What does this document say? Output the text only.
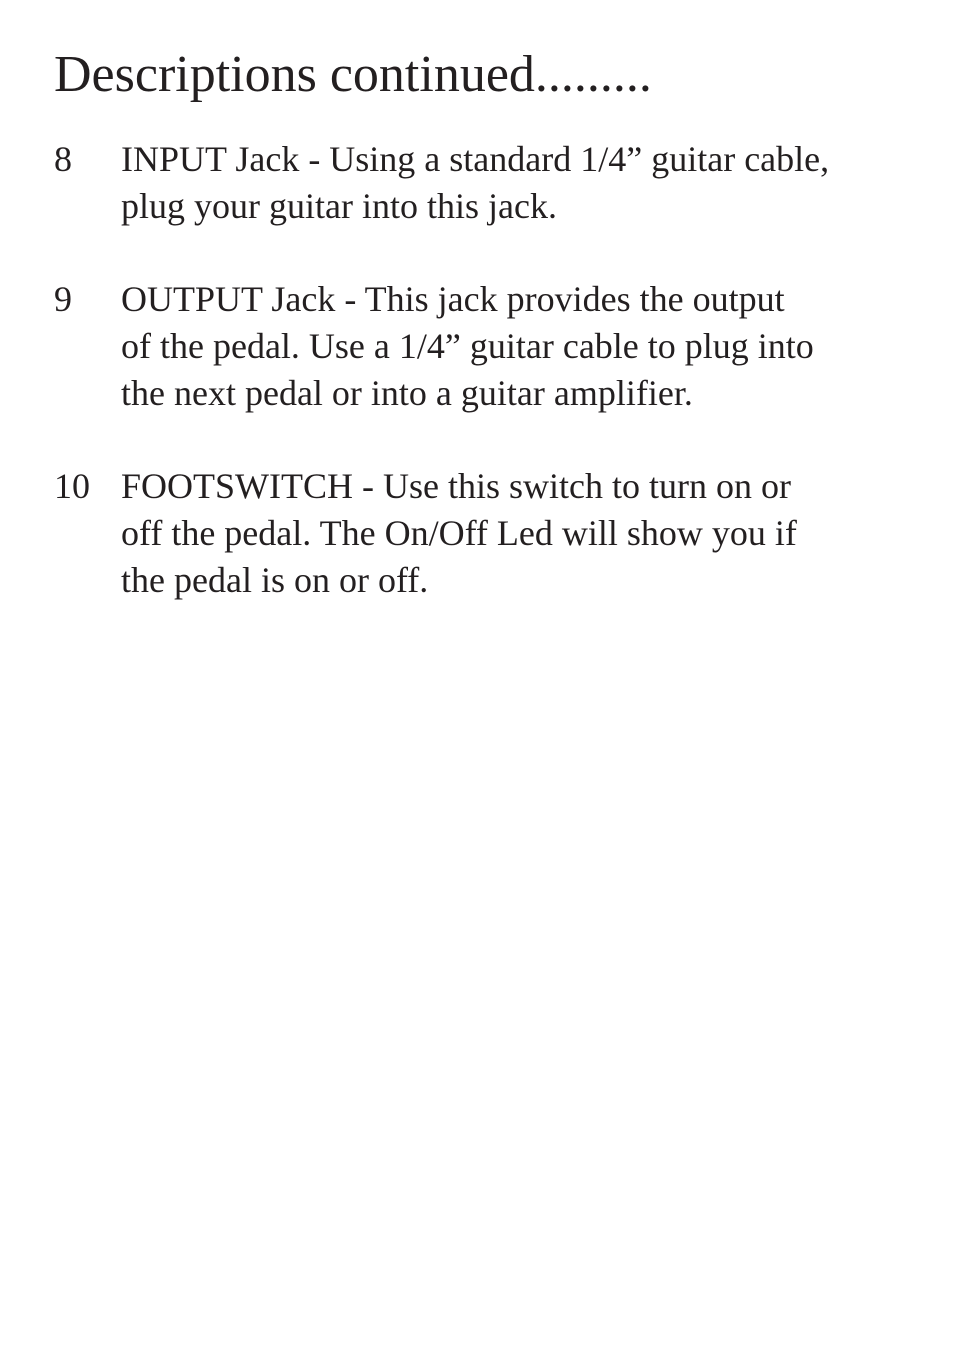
Descriptions continued.........
8 INPUT Jack - Using a standard 1/4” guitar cable,
plug your guitar into this jack.
9 OUTPUT Jack - This jack provides the output
of the pedal. Use a 1/4” guitar cable to plug into
the next pedal or into a guitar amplifier.
10 FOOTSWITCH - Use this switch to turn on or
off the pedal. The On/Off Led will show you if
the pedal is on or off.
